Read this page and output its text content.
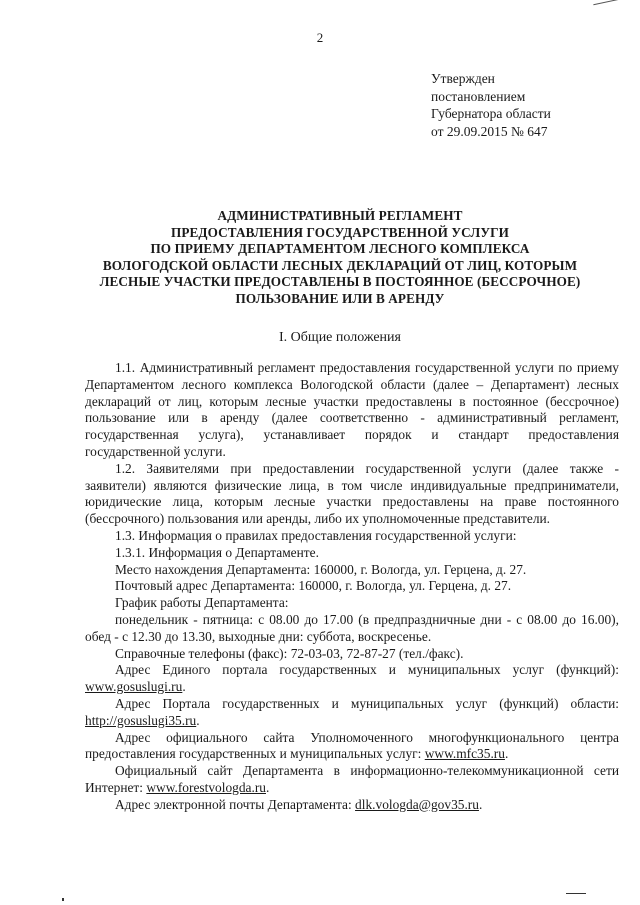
2
Утвержден
постановлением
Губернатора области
от 29.09.2015 № 647
АДМИНИСТРАТИВНЫЙ РЕГЛАМЕНТ
ПРЕДОСТАВЛЕНИЯ ГОСУДАРСТВЕННОЙ УСЛУГИ
ПО ПРИЕМУ ДЕПАРТАМЕНТОМ ЛЕСНОГО КОМПЛЕКСА
ВОЛОГОДСКОЙ ОБЛАСТИ ЛЕСНЫХ ДЕКЛАРАЦИЙ ОТ ЛИЦ, КОТОРЫМ
ЛЕСНЫЕ УЧАСТКИ ПРЕДОСТАВЛЕНЫ В ПОСТОЯННОЕ (БЕССРОЧНОЕ)
ПОЛЬЗОВАНИЕ ИЛИ В АРЕНДУ
I. Общие положения
1.1. Административный регламент предоставления государственной услуги по приему Департаментом лесного комплекса Вологодской области (далее – Департамент) лесных деклараций от лиц, которым лесные участки предоставлены в постоянное (бессрочное) пользование или в аренду (далее соответственно - административный регламент, государственная услуга), устанавливает порядок и стандарт предоставления государственной услуги.
1.2. Заявителями при предоставлении государственной услуги (далее также - заявители) являются физические лица, в том числе индивидуальные предприниматели, юридические лица, которым лесные участки предоставлены на праве постоянного (бессрочного) пользования или аренды, либо их уполномоченные представители.
1.3. Информация о правилах предоставления государственной услуги:
1.3.1. Информация о Департаменте.
Место нахождения Департамента: 160000, г. Вологда, ул. Герцена, д. 27.
Почтовый адрес Департамента: 160000, г. Вологда, ул. Герцена, д. 27.
График работы Департамента:
понедельник - пятница: с 08.00 до 17.00 (в предпраздничные дни - с 08.00 до 16.00), обед - с 12.30 до 13.30, выходные дни: суббота, воскресенье.
Справочные телефоны (факс): 72-03-03, 72-87-27 (тел./факс).
Адрес Единого портала государственных и муниципальных услуг (функций): www.gosuslugi.ru.
Адрес Портала государственных и муниципальных услуг (функций) области: http://gosuslugi35.ru.
Адрес официального сайта Уполномоченного многофункционального центра предоставления государственных и муниципальных услуг: www.mfc35.ru.
Официальный сайт Департамента в информационно-телекоммуникационной сети Интернет: www.forestvologda.ru.
Адрес электронной почты Департамента: dlk.vologda@gov35.ru.
